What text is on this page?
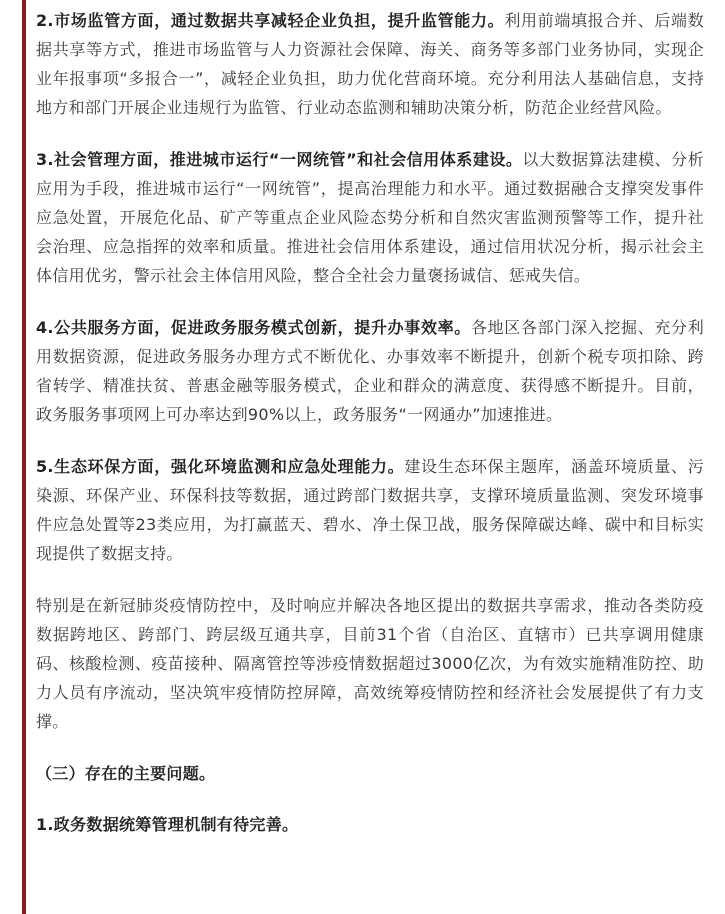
2.市场监管方面，通过数据共享减轻企业负担，提升监管能力。利用前端填报合并、后端数据共享等方式，推进市场监管与人力资源社会保障、海关、商务等多部门业务协同，实现企业年报事项“多报合一”，减轻企业负担，助力优化营商环境。充分利用法人基础信息，支持地方和部门开展企业违规行为监管、行业动态监测和辅助决策分析，防范企业经营风险。

3.社会管理方面，推进城市运行“一网统管”和社会信用体系建设。以大数据算法建模、分析应用为手段，推进城市运行“一网统管”，提高治理能力和水平。通过数据融合支撑突发事件应急处置，开展危化品、矿产等重点企业风险态势分析和自然灾害监测预警等工作，提升社会治理、应急指挥的效率和质量。推进社会信用体系建设，通过信用状况分析，揭示社会主体信用优劣，警示社会主体信用风险，整合全社会力量褒扬诚信、惩戒失信。

4.公共服务方面，促进政务服务模式创新，提升办事效率。各地区各部门深入挖掘、充分利用数据资源，促进政务服务办理方式不断优化、办事效率不断提升，创新个税专项扣除、跨省转学、精准扶贫、普惠金融等服务模式，企业和群众的满意度、获得感不断提升。目前，政务服务事项网上可办率达到90%以上，政务服务“一网通办”加速推进。

5.生态环保方面，强化环境监测和应急处理能力。建设生态环保主题库，涵盖环境质量、污染源、环保产业、环保科技等数据，通过跨部门数据共享，支撑环境质量监测、突发环境事件应急处置等23类应用，为打赢蓝天、碧水、净土保卫战，服务保障碳达峰、碳中和目标实现提供了数据支持。

特别是在新冠肺炎疫情防控中，及时响应并解决各地区提出的数据共享需求，推动各类防疫数据跨地区、跨部门、跨层级互通共享，目前31个省（自治区、直辖市）已共享调用健康码、核酸检测、疫苗接种、隔离管控等涉疫情数据超过3000亿次，为有效实施精准防控、助力人员有序流动，坚决筑牢疫情防控屏障，高效统筹疫情防控和经济社会发展提供了有力支撑。

（三）存在的主要问题。
1.政务数据统筹管理机制有待完善。
